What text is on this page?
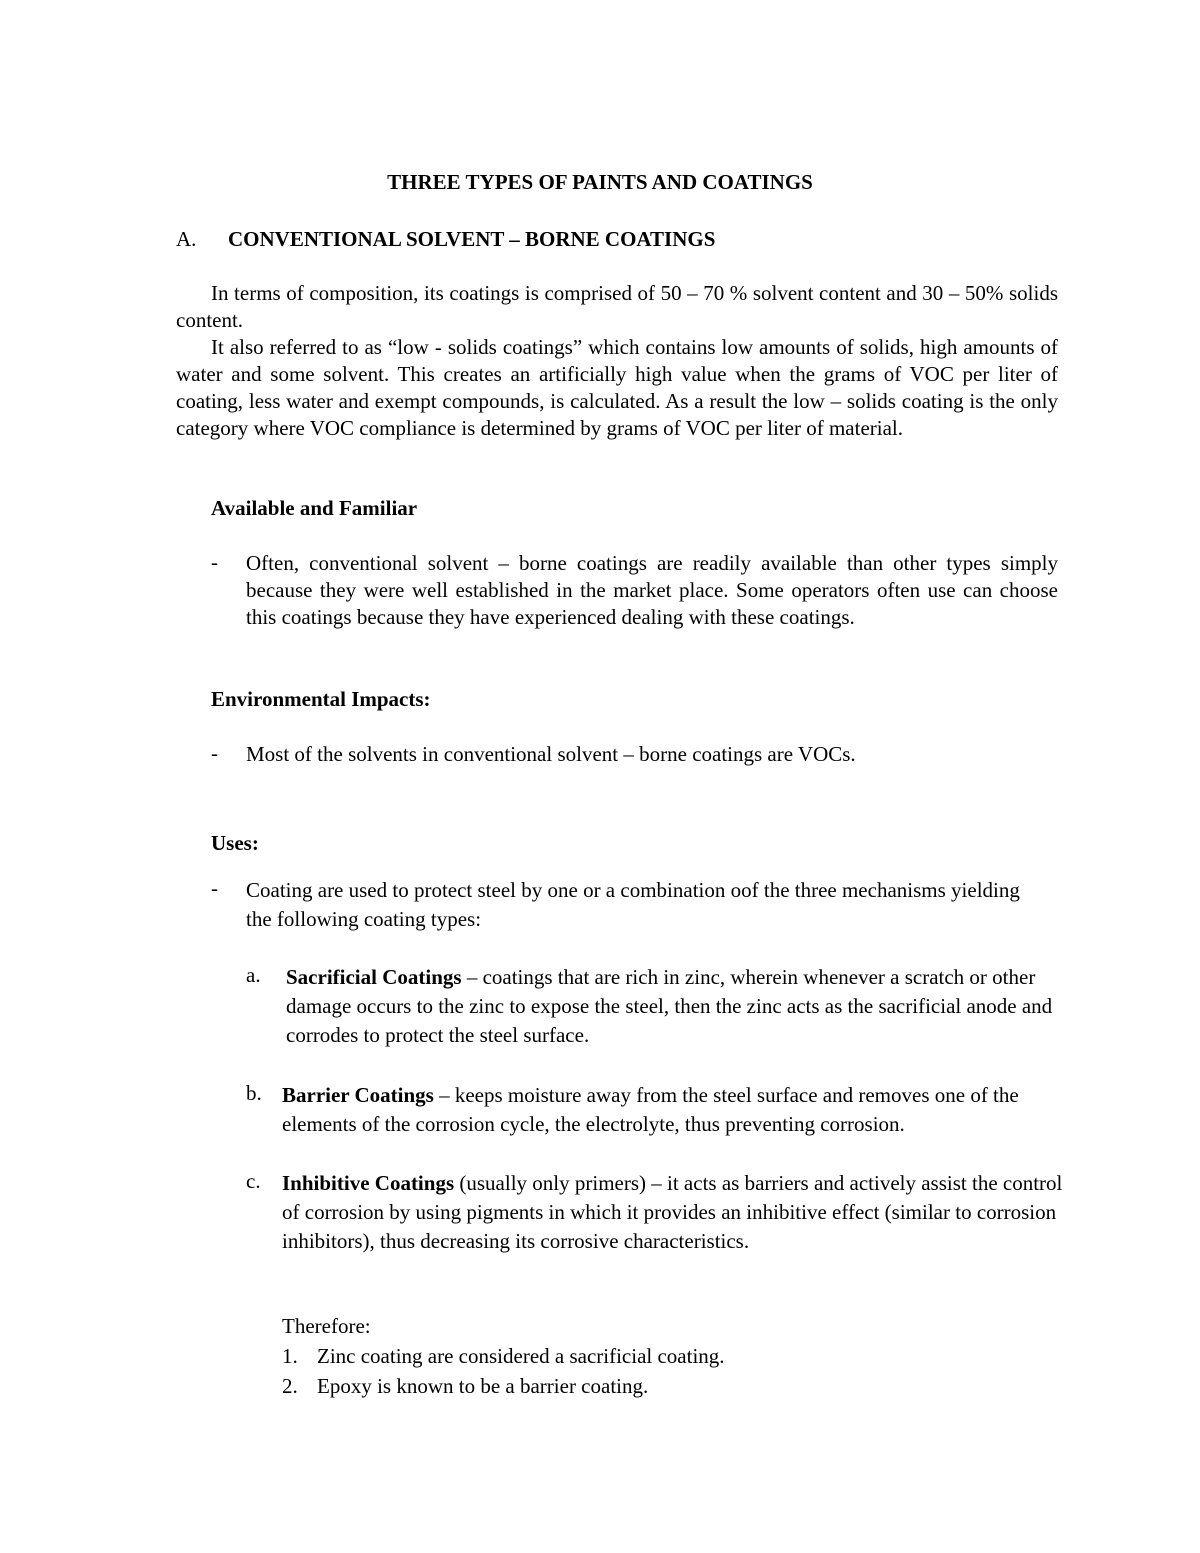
THREE TYPES OF PAINTS AND COATINGS
A. CONVENTIONAL SOLVENT – BORNE COATINGS
In terms of composition, its coatings is comprised of 50 – 70 % solvent content and 30 – 50% solids content.
It also referred to as “low - solids coatings” which contains low amounts of solids, high amounts of water and some solvent. This creates an artificially high value when the grams of VOC per liter of coating, less water and exempt compounds, is calculated. As a result the low – solids coating is the only category where VOC compliance is determined by grams of VOC per liter of material.
Available and Familiar
- Often, conventional solvent – borne coatings are readily available than other types simply because they were well established in the market place. Some operators often use can choose this coatings because they have experienced dealing with these coatings.
Environmental Impacts:
- Most of the solvents in conventional solvent – borne coatings are VOCs.
Uses:
- Coating are used to protect steel by one or a combination oof the three mechanisms yielding the following coating types:
a. Sacrificial Coatings – coatings that are rich in zinc, wherein whenever a scratch or other damage occurs to the zinc to expose the steel, then the zinc acts as the sacrificial anode and corrodes to protect the steel surface.
b. Barrier Coatings – keeps moisture away from the steel surface and removes one of the elements of the corrosion cycle, the electrolyte, thus preventing corrosion.
c. Inhibitive Coatings (usually only primers) – it acts as barriers and actively assist the control of corrosion by using pigments in which it provides an inhibitive effect (similar to corrosion inhibitors), thus decreasing its corrosive characteristics.
Therefore:
1. Zinc coating are considered a sacrificial coating.
2. Epoxy is known to be a barrier coating.
